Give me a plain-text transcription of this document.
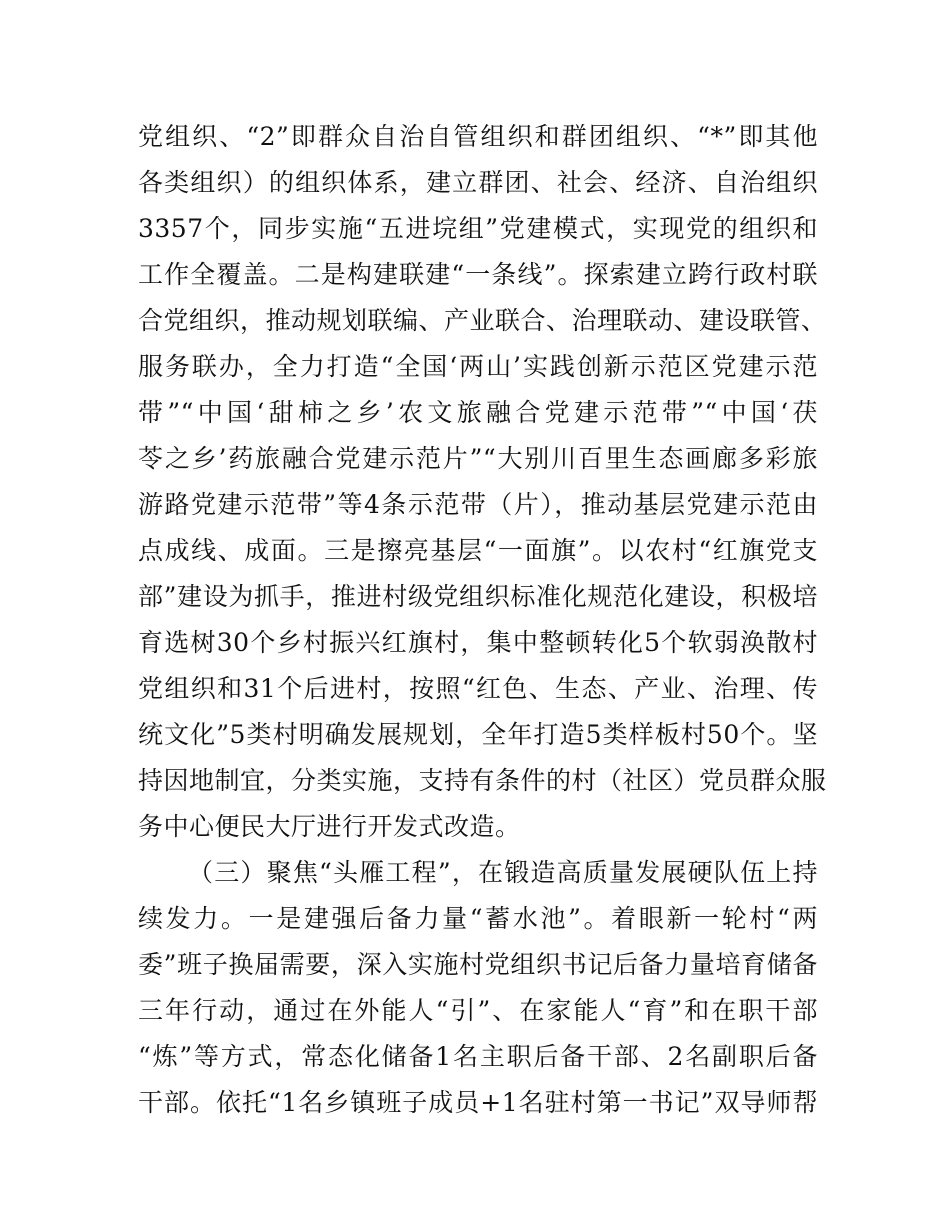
党组织、“2”即群众自治自管组织和群团组织、“*”即其他
各类组织）的组织体系，建立群团、社会、经济、自治组织
3357个，同步实施“五进垸组”党建模式，实现党的组织和
工作全覆盖。二是构建联建“一条线”。探索建立跨行政村联
合党组织，推动规划联编、产业联合、治理联动、建设联管、
服务联办，全力打造“全国‘两山’实践创新示范区党建示范
带”“中国‘甜柿之乡’农文旅融合党建示范带”“中国‘茯
苓之乡’药旅融合党建示范片”“大别川百里生态画廊多彩旅
游路党建示范带”等4条示范带（片），推动基层党建示范由
点成线、成面。三是擦亮基层“一面旗”。以农村“红旗党支
部”建设为抓手，推进村级党组织标准化规范化建设，积极培
育选树30个乡村振兴红旗村，集中整顿转化5个软弱涣散村
党组织和31个后进村，按照“红色、生态、产业、治理、传
统文化”5类村明确发展规划，全年打造5类样板村50个。坚
持因地制宜，分类实施，支持有条件的村（社区）党员群众服
务中心便民大厅进行开发式改造。
（三）聚焦“头雁工程”，在锻造高质量发展硬队伍上持
续发力。一是建强后备力量“蓄水池”。着眼新一轮村“两
委”班子换届需要，深入实施村党组织书记后备力量培育储备
三年行动，通过在外能人“引”、在家能人“育”和在职干部
“炼”等方式，常态化储备1名主职后备干部、2名副职后备
干部。依托“1名乡镇班子成员+1名驻村第一书记”双导师帮
